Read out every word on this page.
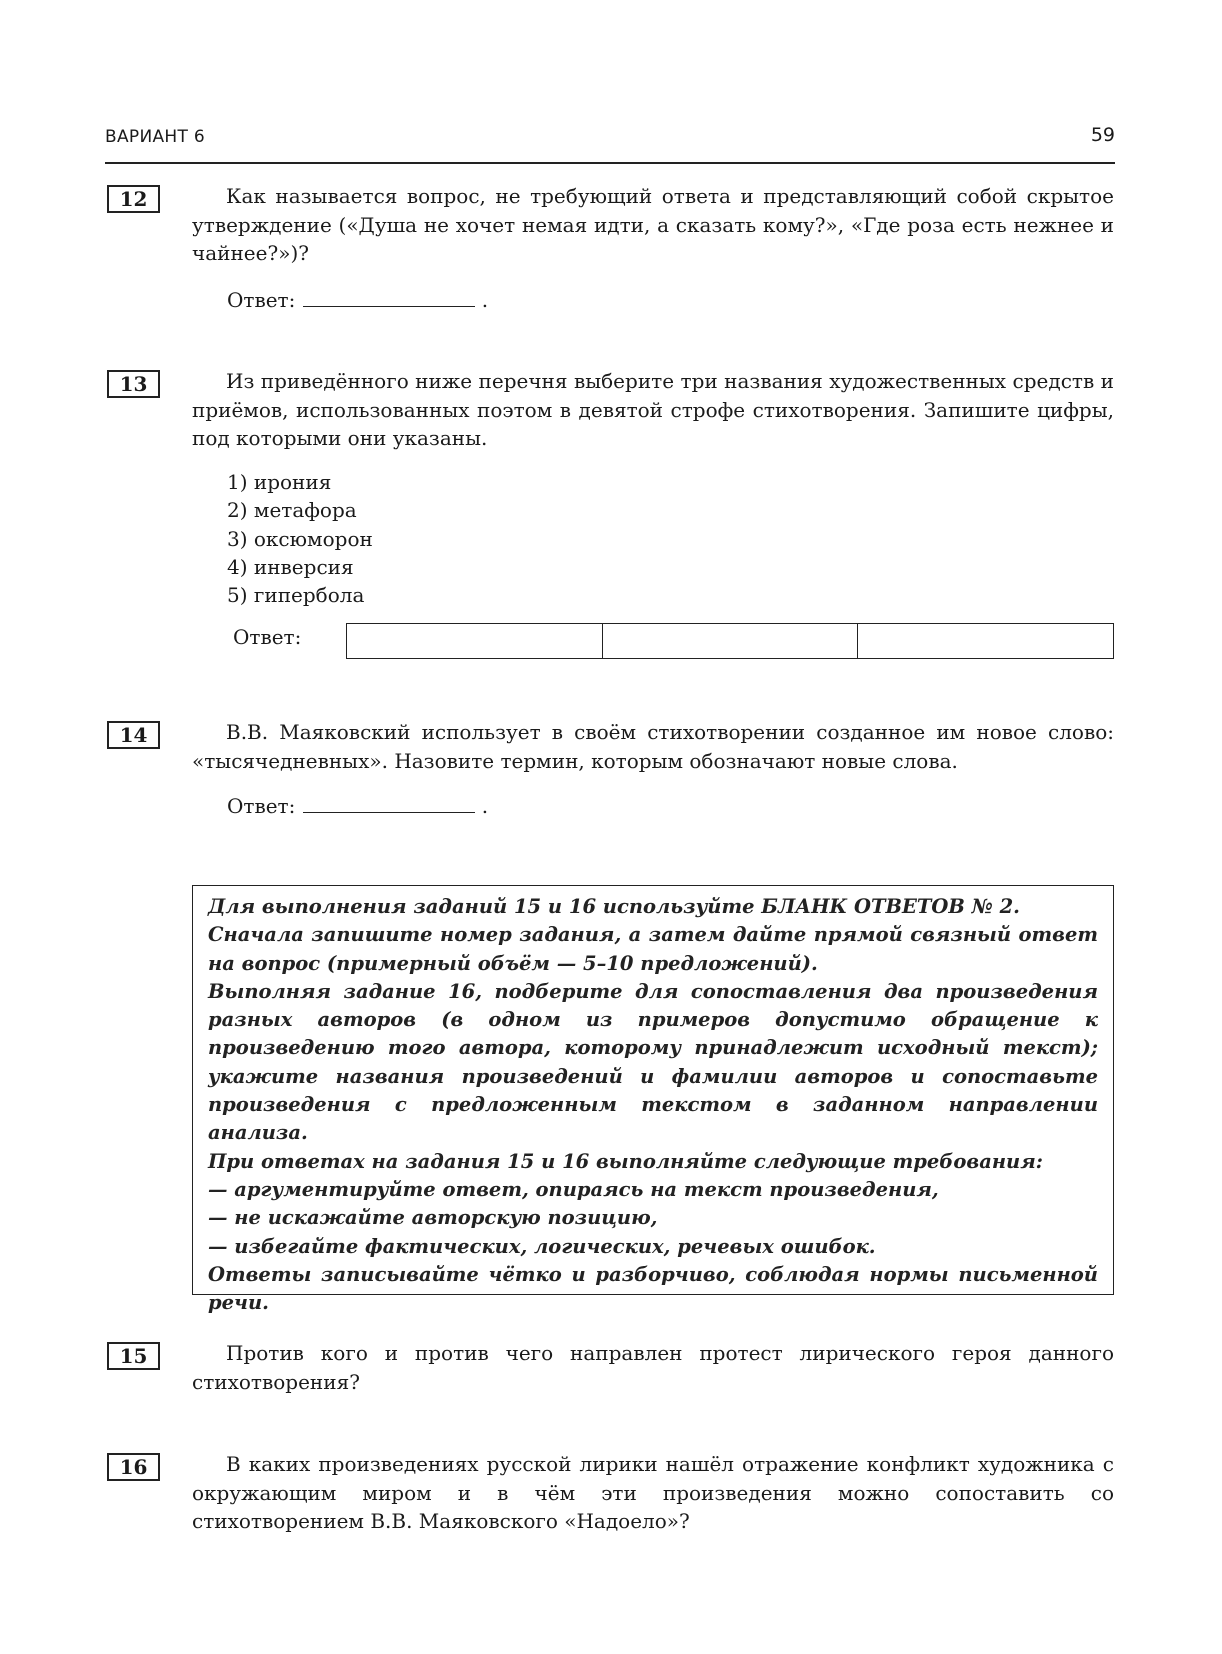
ВАРИАНТ 6	59
12	Как называется вопрос, не требующий ответа и представляющий собой скрытое утверждение («Душа не хочет немая идти, а сказать кому?», «Где роза есть нежнее и чайнее?»)?

Ответ:	.
13	Из приведённого ниже перечня выберите три названия художественных средств и приёмов, использованных поэтом в девятой строфе стихотворения. Запишите цифры, под которыми они указаны.

1) ирония
2) метафора
3) оксюморон
4) инверсия
5) гипербола
Ответ:
14	В.В. Маяковский использует в своём стихотворении созданное им новое слово: «тысячедневных». Назовите термин, которым обозначают новые слова.

Ответ:	.

Для выполнения заданий 15 и 16 используйте БЛАНК ОТВЕТОВ № 2.

Сначала запишите номер задания, а затем дайте прямой связный ответ на вопрос (примерный объём — 5–10 предложений).

Выполняя задание 16, подберите для сопоставления два произведения разных авторов (в одном из примеров допустимо обращение к произведению того автора, которому принадлежит исходный текст); укажите названия произведений и фамилии авторов и сопоставьте произведения с предложенным текстом в заданном направлении анализа.

При ответах на задания 15 и 16 выполняйте следующие требования:

— аргументируйте ответ, опираясь на текст произведения,

— не искажайте авторскую позицию,

— избегайте фактических, логических, речевых ошибок.

Ответы записывайте чётко и разборчиво, соблюдая нормы письменной речи.

15	Против кого и против чего направлен протест лирического героя данного стихотворения?

16	В каких произведениях русской лирики нашёл отражение конфликт художника с окружающим миром и в чём эти произведения можно сопоставить со стихотворением В.В. Маяковского «Надоело»?
